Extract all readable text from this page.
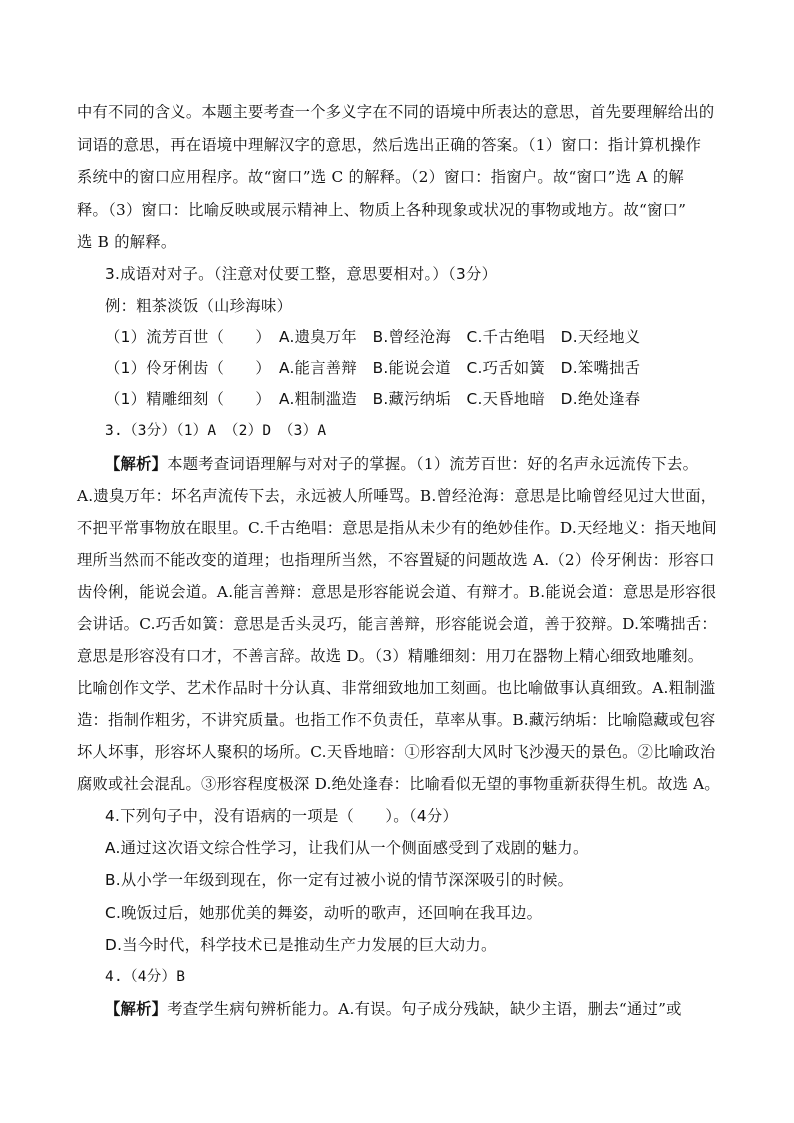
中有不同的含义。本题主要考查一个多义字在不同的语境中所表达的意思，首先要理解给出的
词语的意思，再在语境中理解汉字的意思，然后选出正确的答案。（1）窗口：指计算机操作
系统中的窗口应用程序。故“窗口”选 C 的解释。（2）窗口：指窗户。故“窗口”选 A 的解
释。（3）窗口：比喻反映或展示精神上、物质上各种现象或状况的事物或地方。故“窗口”
选 B 的解释。
3.成语对对子。（注意对仗要工整，意思要相对。）（3分）
例：粗茶淡饭（山珍海味）
（1）流芳百世（　　）　A.遗臭万年　B.曾经沧海　C.千古绝唱　D.天经地义
（1）伶牙俐齿（　　）　A.能言善辩　B.能说会道　C.巧舌如簧　D.笨嘴拙舌
（1）精雕细刻（　　）　A.粗制滥造　B.藏污纳垢　C.天昏地暗　D.绝处逢春
3.（3分）（1）A　（2）D　（3）A
【解析】本题考查词语理解与对对子的掌握。（1）流芳百世：好的名声永远流传下去。
A.遗臭万年：坏名声流传下去，永远被人所唾骂。B.曾经沧海：意思是比喻曾经见过大世面，
不把平常事物放在眼里。C.千古绝唱：意思是指从未少有的绝妙佳作。D.天经地义：指天地间
理所当然而不能改变的道理；也指理所当然，不容置疑的问题故选 A.（2）伶牙俐齿：形容口
齿伶俐，能说会道。A.能言善辩：意思是形容能说会道、有辩才。B.能说会道：意思是形容很
会讲话。C.巧舌如簧：意思是舌头灵巧，能言善辩，形容能说会道，善于狡辩。D.笨嘴拙舌：
意思是形容没有口才，不善言辞。故选 D。（3）精雕细刻：用刀在器物上精心细致地雕刻。
比喻创作文学、艺术作品时十分认真、非常细致地加工刻画。也比喻做事认真细致。A.粗制滥
造：指制作粗劣，不讲究质量。也指工作不负责任，草率从事。B.藏污纳垢：比喻隐藏或包容
坏人坏事，形容坏人聚积的场所。C.天昏地暗：①形容刮大风时飞沙漫天的景色。②比喻政治
腐败或社会混乱。③形容程度极深 D.绝处逢春：比喻看似无望的事物重新获得生机。故选 A。
4.下列句子中，没有语病的一项是（　　）。（4分）
A.通过这次语文综合性学习，让我们从一个侧面感受到了戏剧的魅力。
B.从小学一年级到现在，你一定有过被小说的情节深深吸引的时候。
C.晚饭过后，她那优美的舞姿，动听的歌声，还回响在我耳边。
D.当今时代，科学技术已是推动生产力发展的巨大动力。
4.（4分）B
【解析】考查学生病句辨析能力。A.有误。句子成分残缺，缺少主语，删去“通过”或
